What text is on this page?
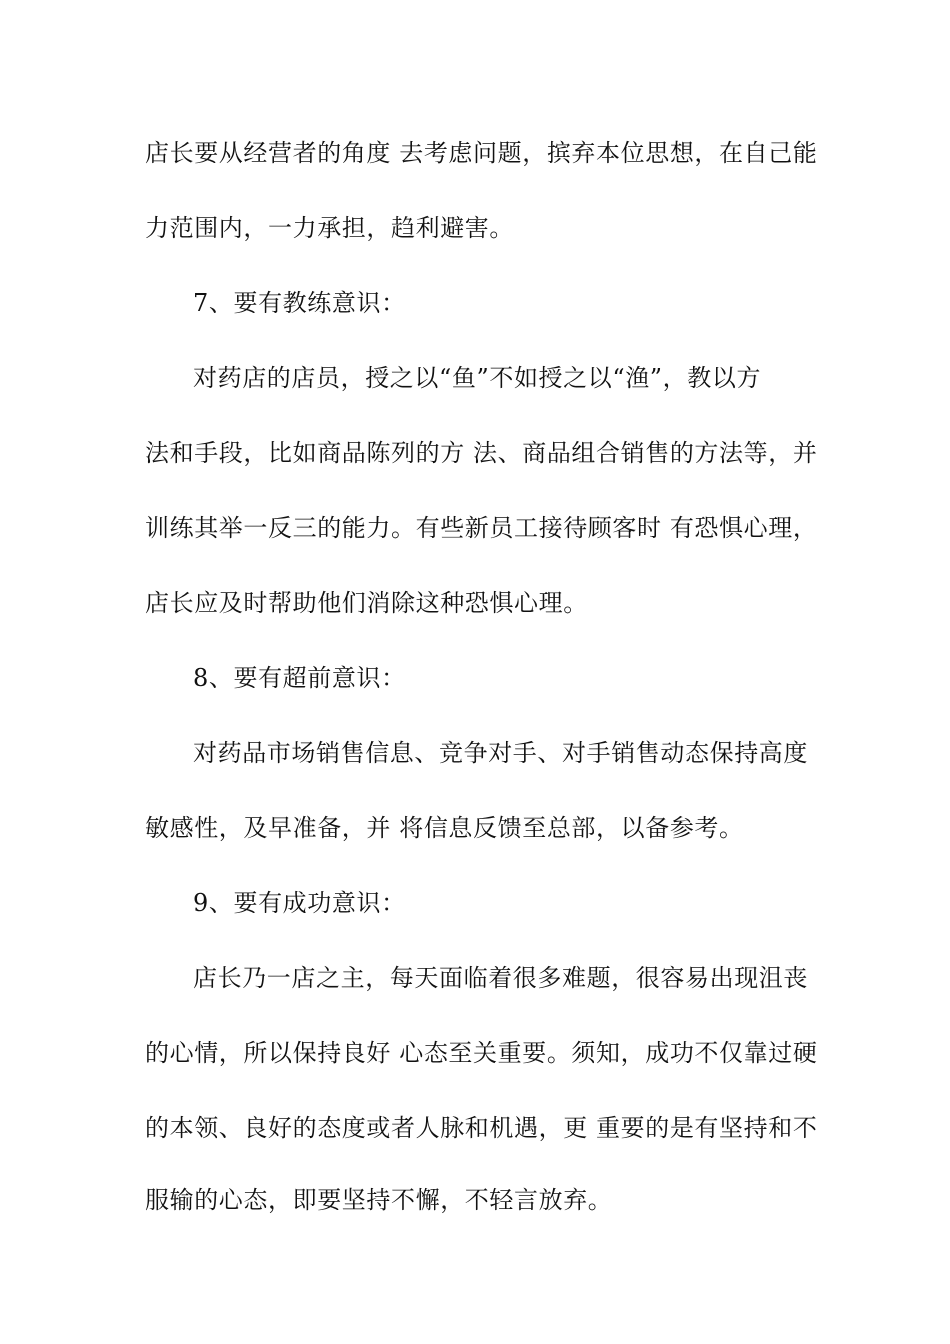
店长要从经营者的角度 去考虑问题，摈弃本位思想，在自己能
力范围内，一力承担，趋利避害。
7、要有教练意识：
对药店的店员，授之以“鱼”不如授之以“渔”，教以方
法和手段，比如商品陈列的方 法、商品组合销售的方法等，并
训练其举一反三的能力。有些新员工接待顾客时 有恐惧心理，
店长应及时帮助他们消除这种恐惧心理。
8、要有超前意识：
对药品市场销售信息、竞争对手、对手销售动态保持高度
敏感性，及早准备，并 将信息反馈至总部，以备参考。
9、要有成功意识：
店长乃一店之主，每天面临着很多难题，很容易出现沮丧
的心情，所以保持良好 心态至关重要。须知，成功不仅靠过硬
的本领、良好的态度或者人脉和机遇，更 重要的是有坚持和不
服输的心态，即要坚持不懈，不轻言放弃。
